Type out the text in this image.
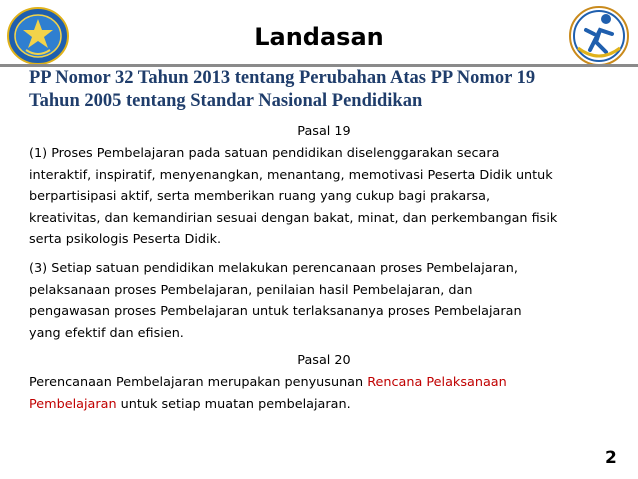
Landasan
PP Nomor 32 Tahun 2013 tentang Perubahan Atas PP Nomor 19
Tahun 2005 tentang Standar Nasional Pendidikan
Pasal 19
(1) Proses Pembelajaran pada satuan pendidikan diselenggarakan secara
interaktif, inspiratif, menyenangkan, menantang, memotivasi Peserta Didik untuk
berpartisipasi aktif, serta memberikan ruang yang cukup bagi prakarsa,
kreativitas, dan kemandirian sesuai dengan bakat, minat, dan perkembangan fisik
serta psikologis Peserta Didik.
(3) Setiap satuan pendidikan melakukan perencanaan proses Pembelajaran,
pelaksanaan proses Pembelajaran, penilaian hasil Pembelajaran, dan
pengawasan proses Pembelajaran untuk terlaksananya proses Pembelajaran
yang efektif dan efisien.
Pasal 20
Perencanaan Pembelajaran merupakan penyusunan Rencana Pelaksanaan
Pembelajaran untuk setiap muatan pembelajaran.
2
